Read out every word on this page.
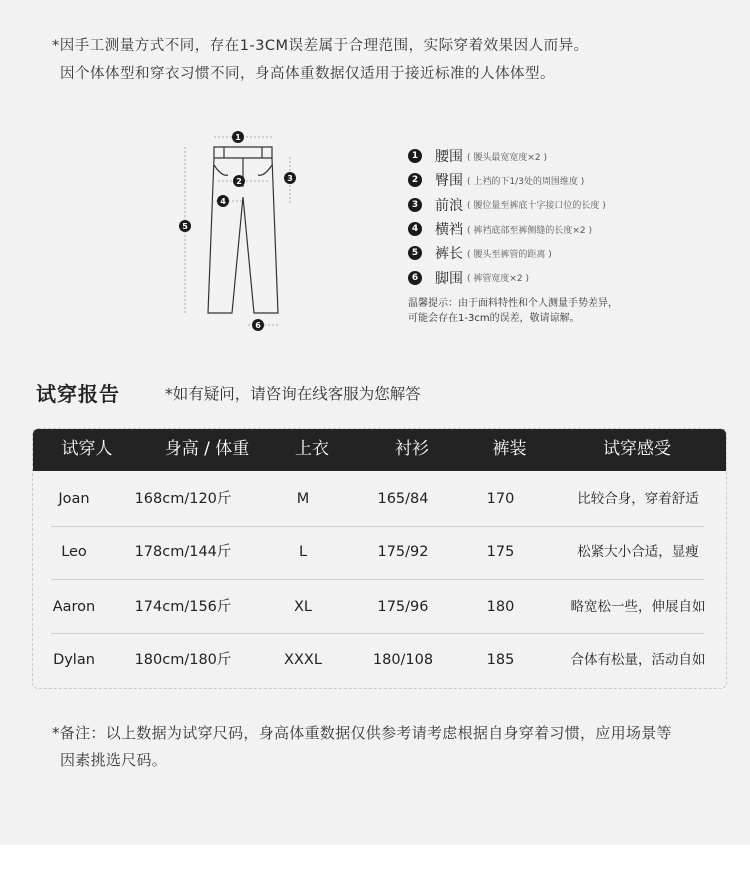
*因手工测量方式不同，存在1-3CM误差属于合理范围，实际穿着效果因人而异。
因个体体型和穿衣习惯不同，身高体重数据仅适用于接近标准的人体体型。
1
2	3
4
5
6
1 腰围 ( 腰头最宽宽度×2 )
2 臀围 ( 上裆的下1/3处的周围维度 )
3 前浪 ( 腰位量至裤底十字接口位的长度 )
4 横裆 ( 裤裆底部至裤侧缝的长度×2 )
5 裤长 ( 腰头至裤管的距离 )
6 脚围 ( 裤管宽度×2 )
温馨提示：由于面料特性和个人测量手势差异，
可能会存在1-3cm的误差，敬请谅解。
试穿报告	*如有疑问，请咨询在线客服为您解答
试穿人	身高 / 体重	上衣	衬衫	裤装	试穿感受
Joan	168cm/120斤	M	165/84	170	比较合身，穿着舒适
Leo	178cm/144斤	L	175/92	175	松紧大小合适，显瘦
Aaron	174cm/156斤	XL	175/96	180	略宽松一些，伸展自如
Dylan	180cm/180斤	XXXL	180/108	185	合体有松量，活动自如
*备注：以上数据为试穿尺码，身高体重数据仅供参考请考虑根据自身穿着习惯，应用场景等
因素挑选尺码。
